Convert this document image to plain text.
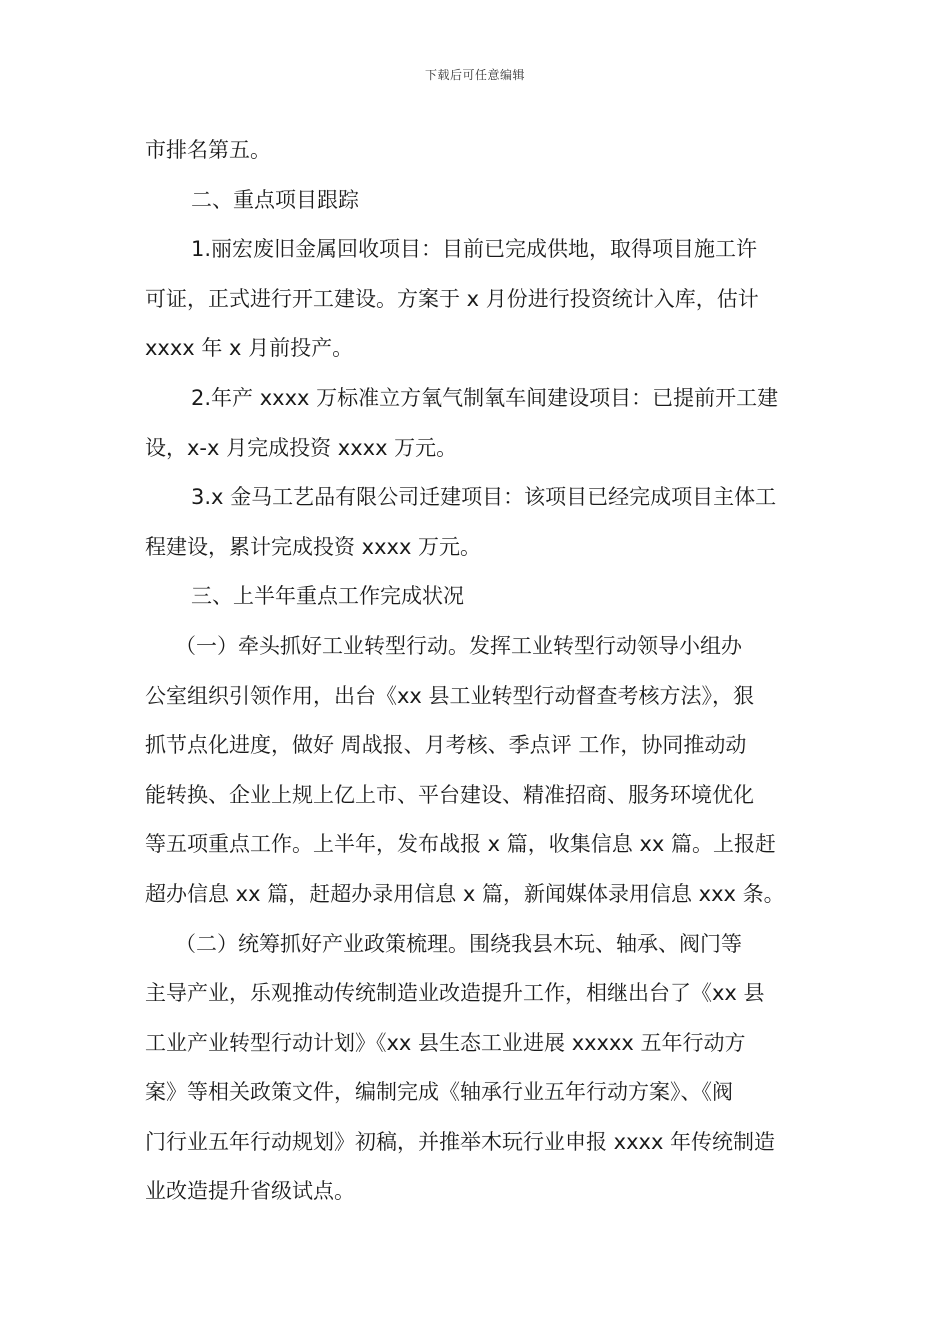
下载后可任意编辑
市排名第五。
二、重点项目跟踪
1.丽宏废旧金属回收项目：目前已完成供地，取得项目施工许
可证，正式进行开工建设。方案于 x 月份进行投资统计入库，估计
xxxx 年 x 月前投产。
2.年产 xxxx 万标准立方氧气制氧车间建设项目：已提前开工建
设，x-x 月完成投资 xxxx 万元。
3.x 金马工艺品有限公司迁建项目：该项目已经完成项目主体工
程建设，累计完成投资 xxxx 万元。
三、上半年重点工作完成状况
（一）牵头抓好工业转型行动。发挥工业转型行动领导小组办
公室组织引领作用，出台《xx 县工业转型行动督查考核方法》，狠
抓节点化进度，做好 周战报、月考核、季点评 工作，协同推动动
能转换、企业上规上亿上市、平台建设、精准招商、服务环境优化
等五项重点工作。上半年，发布战报 x 篇，收集信息 xx 篇。上报赶
超办信息 xx 篇，赶超办录用信息 x 篇，新闻媒体录用信息 xxx 条。
（二）统筹抓好产业政策梳理。围绕我县木玩、轴承、阀门等
主导产业，乐观推动传统制造业改造提升工作，相继出台了《xx 县
工业产业转型行动计划》《xx 县生态工业进展 xxxxx 五年行动方
案》等相关政策文件，编制完成《轴承行业五年行动方案》、《阀
门行业五年行动规划》初稿，并推举木玩行业申报 xxxx 年传统制造
业改造提升省级试点。
